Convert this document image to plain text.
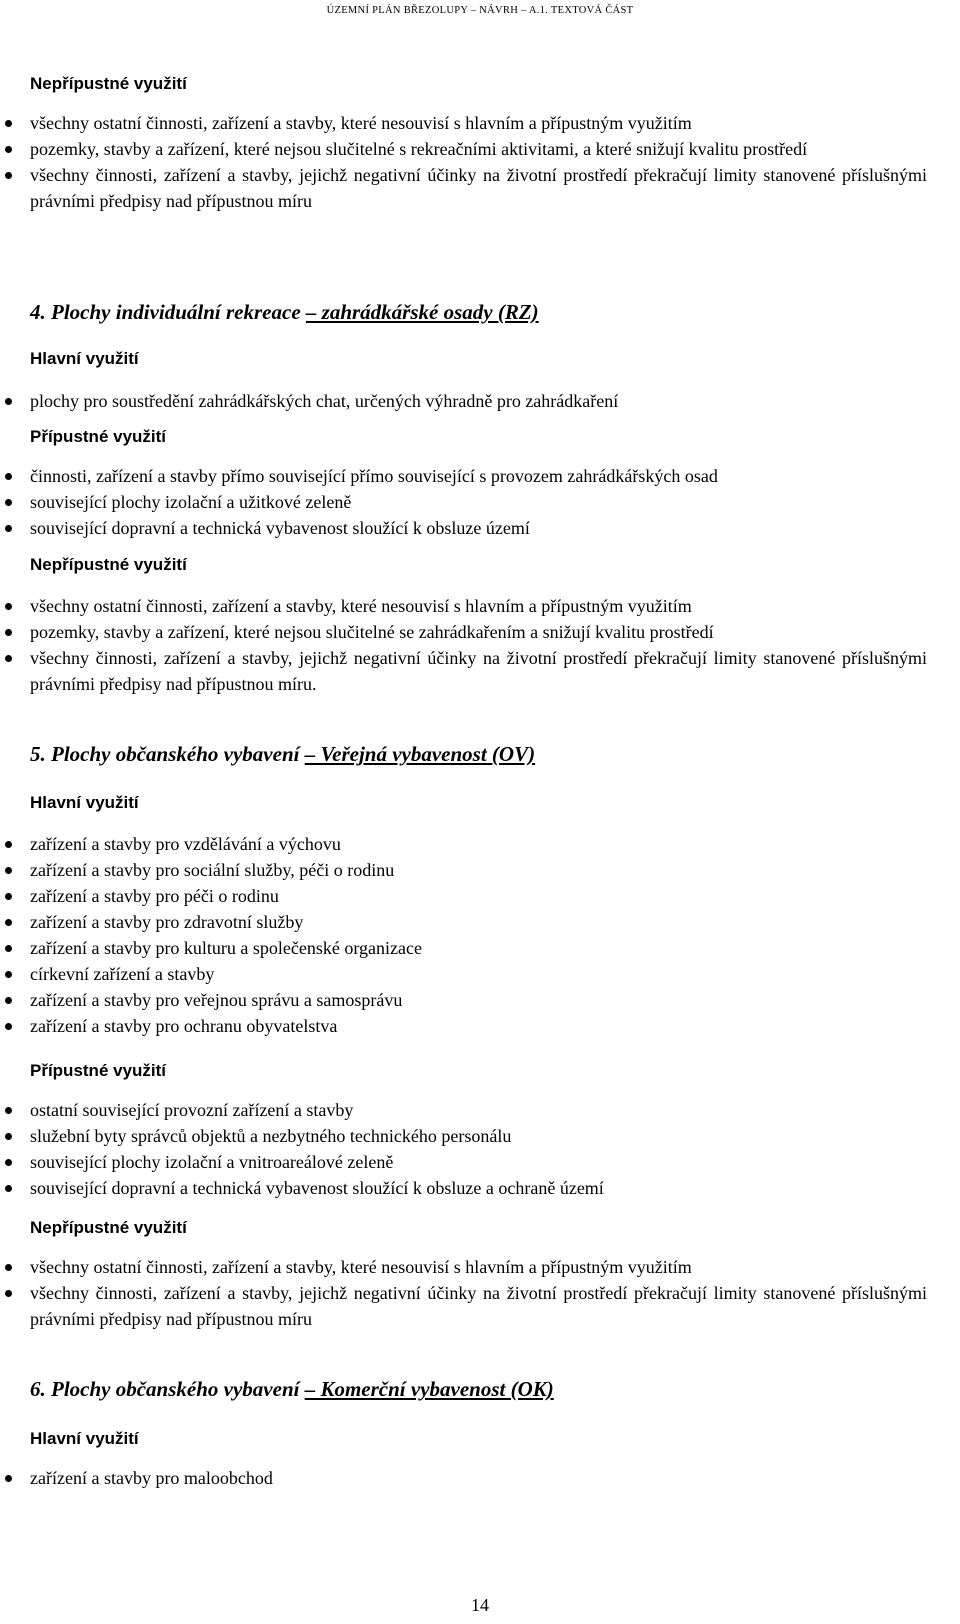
ÚZEMNÍ PLÁN BŘEZOLUPY – NÁVRH – A.1. TEXTOVÁ ČÁST
Nepřípustné využití
všechny ostatní činnosti, zařízení a stavby, které nesouvisí s hlavním a přípustným využitím
pozemky, stavby a zařízení, které nejsou slučitelné s rekreačními aktivitami, a které snižují kvalitu prostředí
všechny činnosti, zařízení a stavby, jejichž negativní účinky na životní prostředí překračují limity stanovené příslušnými právními předpisy nad přípustnou míru
4. Plochy individuální rekreace – zahrádkářské osady (RZ)
Hlavní využití
plochy pro soustředění zahrádkářských chat, určených výhradně pro zahrádkaření
Přípustné využití
činnosti, zařízení a stavby přímo související přímo související s provozem zahrádkářských osad
související plochy izolační a užitkové zeleně
související dopravní a technická vybavenost sloužící k obsluze území
Nepřípustné využití
všechny ostatní činnosti, zařízení a stavby, které nesouvisí s hlavním a přípustným využitím
pozemky, stavby a zařízení, které nejsou slučitelné se zahrádkařením a snižují kvalitu prostředí
všechny činnosti, zařízení a stavby, jejichž negativní účinky na životní prostředí překračují limity stanovené příslušnými právními předpisy nad přípustnou míru.
5. Plochy občanského vybavení – Veřejná vybavenost (OV)
Hlavní využití
zařízení a stavby pro vzdělávání a výchovu
zařízení a stavby pro sociální služby, péči o rodinu
zařízení a stavby pro péči o rodinu
zařízení a stavby pro zdravotní služby
zařízení a stavby pro kulturu a společenské organizace
církevní zařízení a stavby
zařízení a stavby pro veřejnou správu a samosprávu
zařízení a stavby pro ochranu obyvatelstva
Přípustné využití
ostatní související provozní zařízení a stavby
služební byty správců objektů a nezbytného technického personálu
související plochy izolační a vnitroareálové zeleně
související dopravní a technická vybavenost sloužící k obsluze a ochraně území
Nepřípustné využití
všechny ostatní činnosti, zařízení a stavby, které nesouvisí s hlavním a přípustným využitím
všechny činnosti, zařízení a stavby, jejichž negativní účinky na životní prostředí překračují limity stanovené příslušnými právními předpisy nad přípustnou míru
6. Plochy občanského vybavení – Komerční vybavenost (OK)
Hlavní využití
zařízení a stavby pro maloobchod
14
